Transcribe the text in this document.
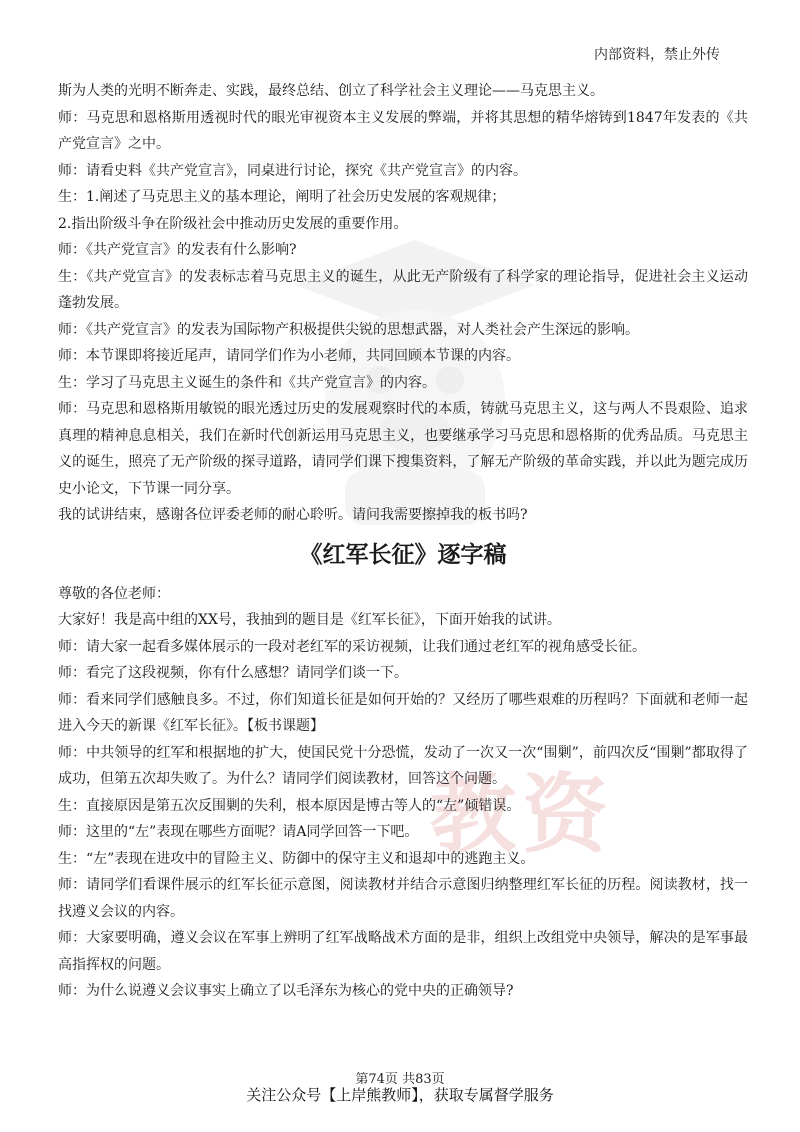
内部资料，禁止外传
教资

斯为人类的光明不断奔走、实践，最终总结、创立了科学社会主义理论——马克思主义。

师：马克思和恩格斯用透视时代的眼光审视资本主义发展的弊端，并将其思想的精华熔铸到1847年发表的《共产党宣言》之中。

师：请看史料《共产党宣言》，同桌进行讨论，探究《共产党宣言》的内容。

生：1.阐述了马克思主义的基本理论，阐明了社会历史发展的客观规律；

2.指出阶级斗争在阶级社会中推动历史发展的重要作用。

师：《共产党宣言》的发表有什么影响?

生：《共产党宣言》的发表标志着马克思主义的诞生，从此无产阶级有了科学家的理论指导，促进社会主义运动蓬勃发展。

师：《共产党宣言》的发表为国际物产积极提供尖锐的思想武器，对人类社会产生深远的影响。

师：本节课即将接近尾声，请同学们作为小老师，共同回顾本节课的内容。

生：学习了马克思主义诞生的条件和《共产党宣言》的内容。

师：马克思和恩格斯用敏锐的眼光透过历史的发展观察时代的本质，铸就马克思主义，这与两人不畏艰险、追求真理的精神息息相关，我们在新时代创新运用马克思主义，也要继承学习马克思和恩格斯的优秀品质。马克思主义的诞生，照亮了无产阶级的探寻道路，请同学们课下搜集资料，了解无产阶级的革命实践，并以此为题完成历史小论文，下节课一同分享。

我的试讲结束，感谢各位评委老师的耐心聆听。请问我需要擦掉我的板书吗?

《红军长征》逐字稿

尊敬的各位老师：

大家好！我是高中组的XX号，我抽到的题目是《红军长征》，下面开始我的试讲。

师：请大家一起看多媒体展示的一段对老红军的采访视频，让我们通过老红军的视角感受长征。

师：看完了这段视频，你有什么感想？请同学们谈一下。

师：看来同学们感触良多。不过，你们知道长征是如何开始的？又经历了哪些艰难的历程吗？下面就和老师一起进入今天的新课《红军长征》。【板书课题】

师：中共领导的红军和根据地的扩大，使国民党十分恐慌，发动了一次又一次“围剿”，前四次反“围剿”都取得了成功，但第五次却失败了。为什么？请同学们阅读教材，回答这个问题。

生：直接原因是第五次反围剿的失利，根本原因是博古等人的“左”倾错误。

师：这里的“左”表现在哪些方面呢？请A同学回答一下吧。

生：“左”表现在进攻中的冒险主义、防御中的保守主义和退却中的逃跑主义。

师：请同学们看课件展示的红军长征示意图，阅读教材并结合示意图归纳整理红军长征的历程。阅读教材，找一找遵义会议的内容。

师：大家要明确，遵义会议在军事上辨明了红军战略战术方面的是非，组织上改组党中央领导，解决的是军事最高指挥权的问题。

师：为什么说遵义会议事实上确立了以毛泽东为核心的党中央的正确领导?

第74页 共83页
关注公众号【上岸熊教师】，获取专属督学服务
